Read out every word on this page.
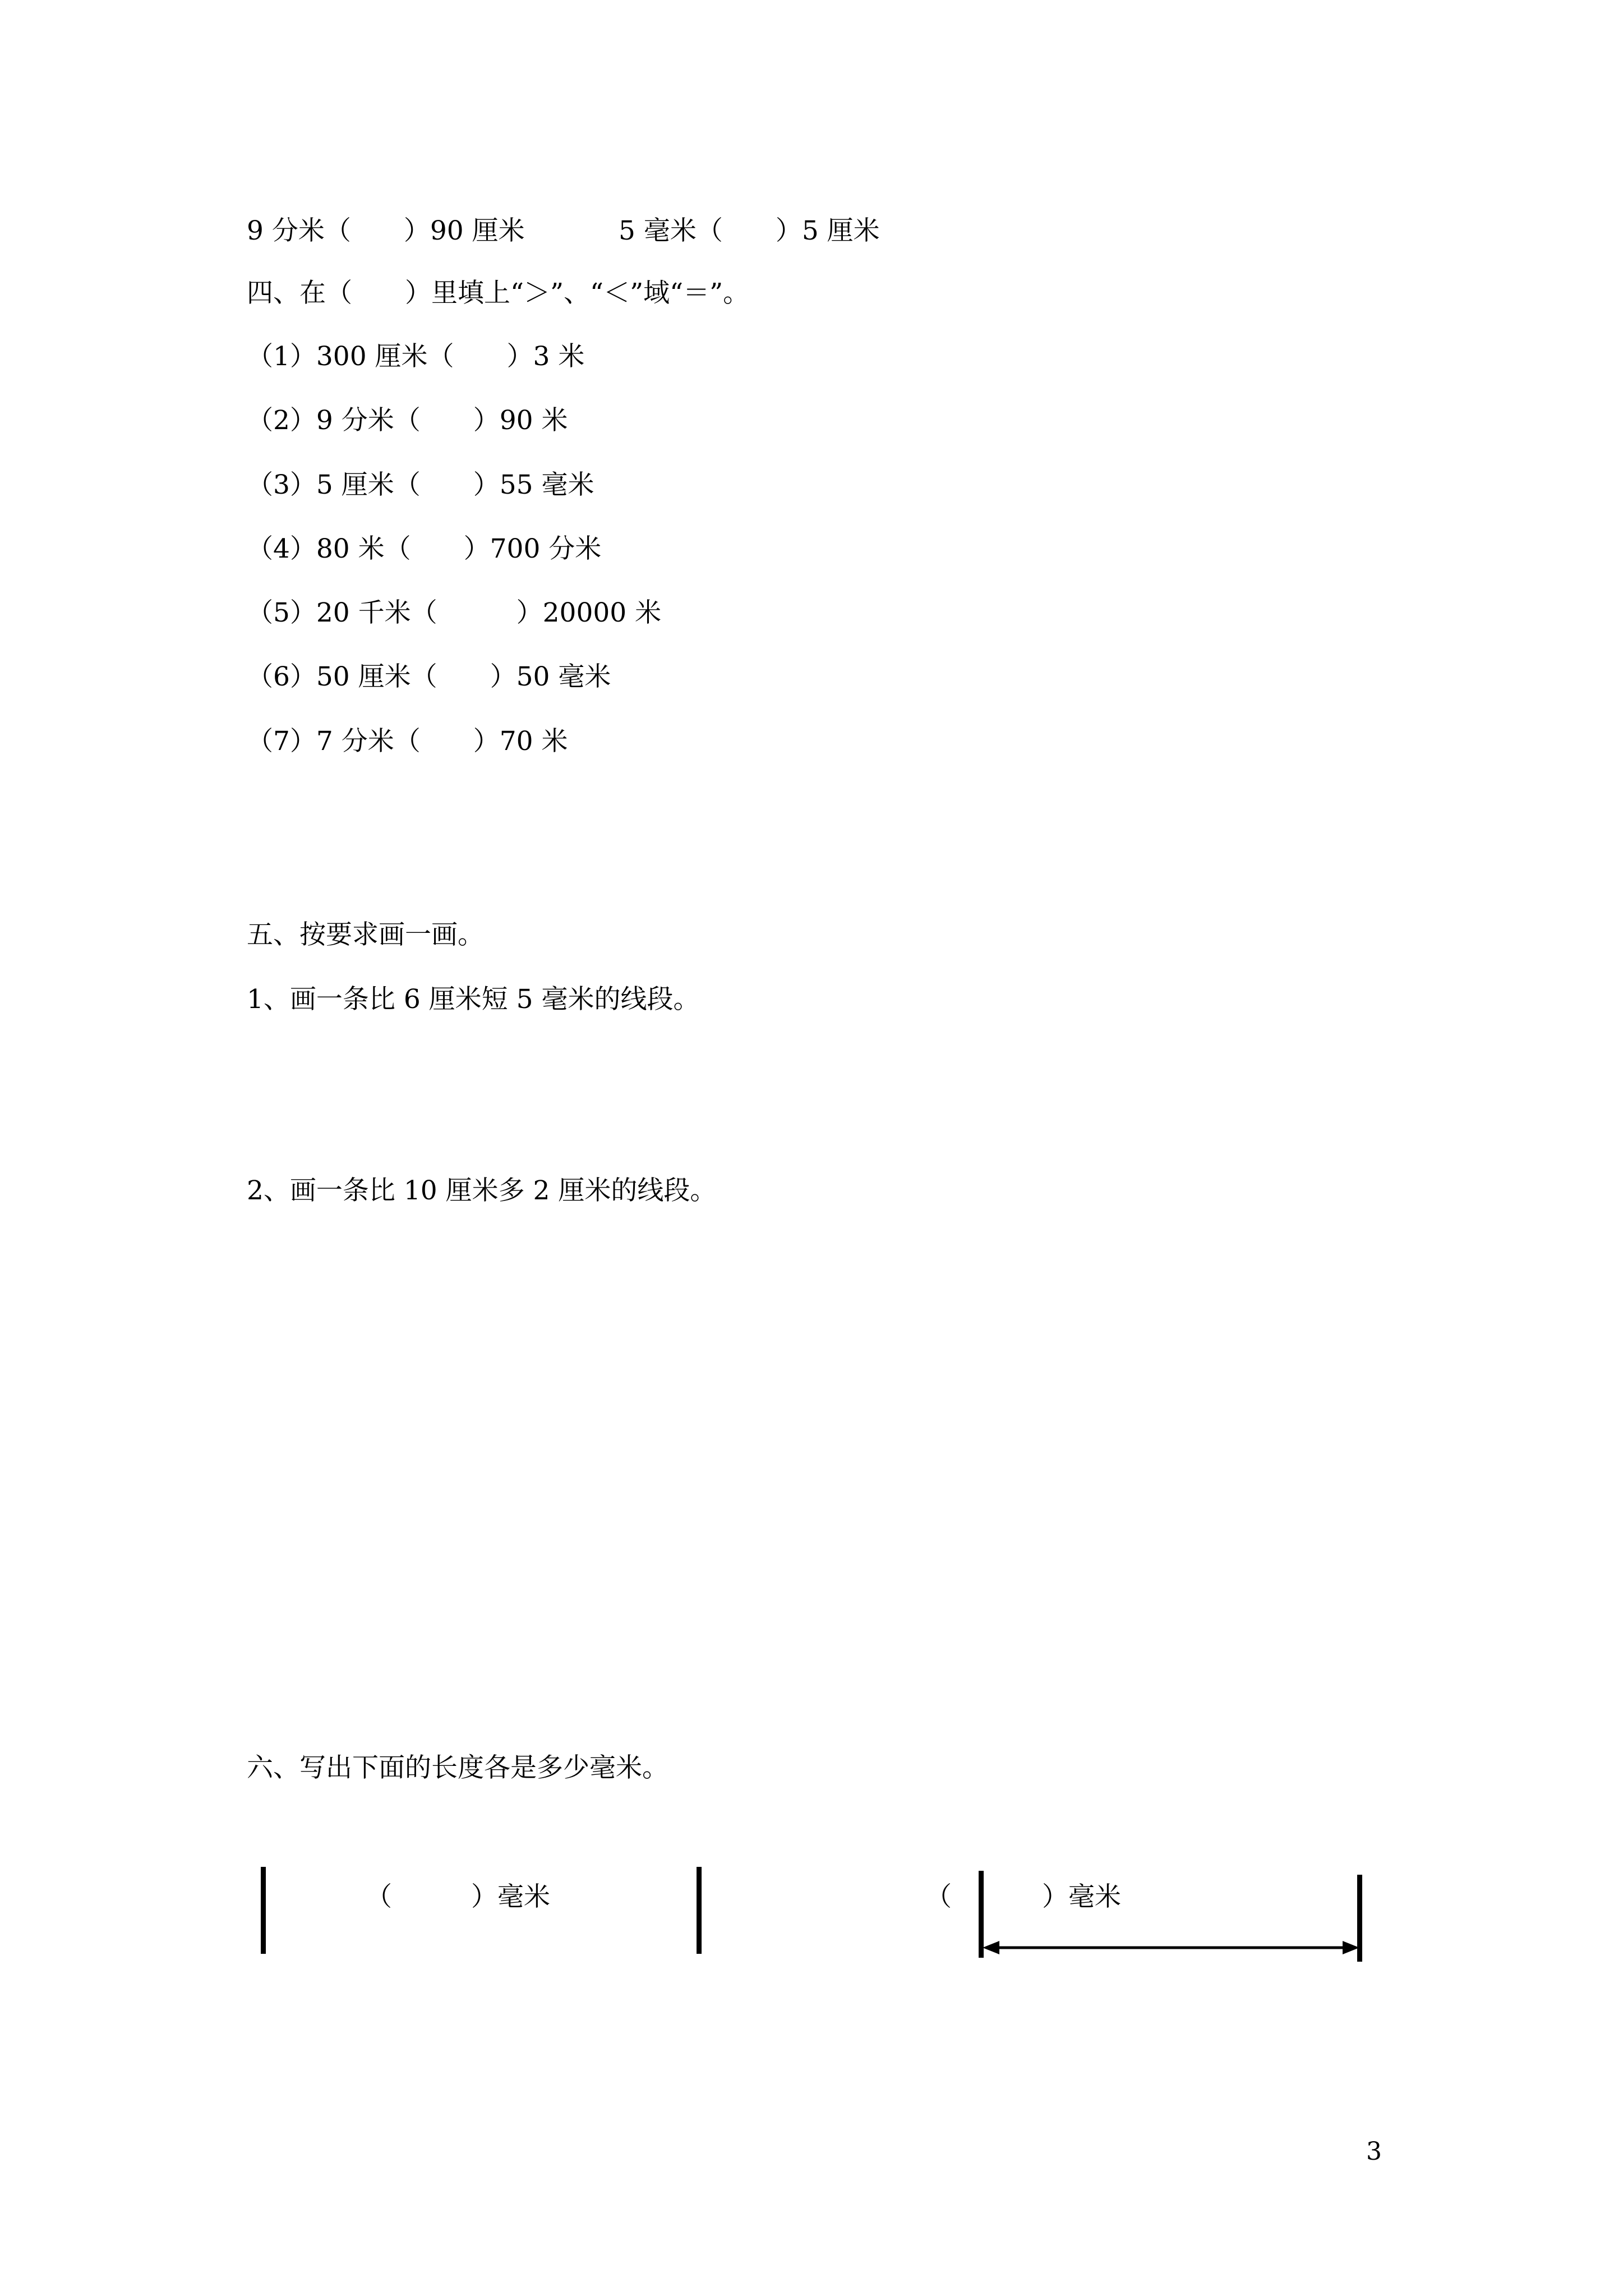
9 分米（　　）90 厘米	5 毫米（　　）5 厘米
四、在（　　）里填上“＞”、“＜”域“＝”。
（1）300 厘米（　　）3 米
（2）9 分米（　　）90 米
（3）5 厘米（　　）55 毫米
（4）80 米（　　）700 分米
（5）20 千米（　　　）20000 米
（6）50 厘米（　　）50 毫米
（7）7 分米（　　）70 米
五、按要求画一画。
1、画一条比 6 厘米短 5 毫米的线段。
2、画一条比 10 厘米多 2 厘米的线段。
六、写出下面的长度各是多少毫米。
（　　　）毫米	（	）毫米
3
